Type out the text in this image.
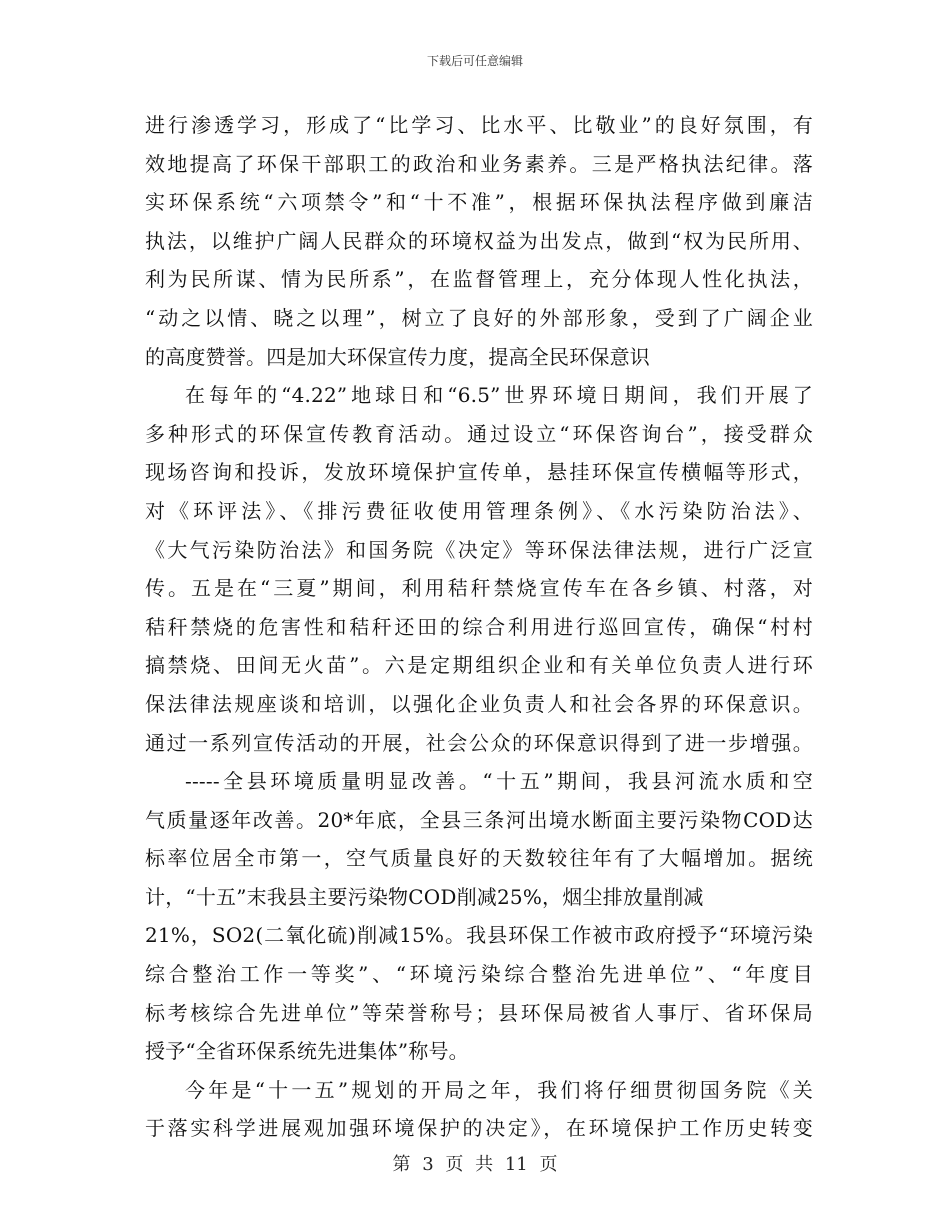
下载后可任意编辑
进行渗透学习，形成了“比学习、比水平、比敬业”的良好氛围，有
效地提高了环保干部职工的政治和业务素养。三是严格执法纪律。落
实环保系统“六项禁令”和“十不准”，根据环保执法程序做到廉洁
执法，以维护广阔人民群众的环境权益为出发点，做到“权为民所用、
利为民所谋、情为民所系”，在监督管理上，充分体现人性化执法，
“动之以情、晓之以理”，树立了良好的外部形象，受到了广阔企业
的高度赞誉。四是加大环保宣传力度，提高全民环保意识
在每年的“4.22”地球日和“6.5”世界环境日期间，我们开展了
多种形式的环保宣传教育活动。通过设立“环保咨询台”，接受群众
现场咨询和投诉，发放环境保护宣传单，悬挂环保宣传横幅等形式，
对《环评法》、《排污费征收使用管理条例》、《水污染防治法》、
《大气污染防治法》和国务院《决定》等环保法律法规，进行广泛宣
传。五是在“三夏”期间，利用秸秆禁烧宣传车在各乡镇、村落，对
秸秆禁烧的危害性和秸秆还田的综合利用进行巡回宣传，确保“村村
搞禁烧、田间无火苗”。六是定期组织企业和有关单位负责人进行环
保法律法规座谈和培训，以强化企业负责人和社会各界的环保意识。
通过一系列宣传活动的开展，社会公众的环保意识得到了进一步增强。
-----全县环境质量明显改善。“十五”期间，我县河流水质和空
气质量逐年改善。20*年底，全县三条河出境水断面主要污染物COD达
标率位居全市第一，空气质量良好的天数较往年有了大幅增加。据统
计，“十五”末我县主要污染物COD削减25%，烟尘排放量削减
21%，SO2(二氧化硫)削减15%。我县环保工作被市政府授予“环境污染
综合整治工作一等奖”、“环境污染综合整治先进单位”、“年度目
标考核综合先进单位”等荣誉称号；县环保局被省人事厅、省环保局
授予“全省环保系统先进集体”称号。
今年是“十一五”规划的开局之年，我们将仔细贯彻国务院《关
于落实科学进展观加强环境保护的决定》，在环境保护工作历史转变
第 3 页 共 11 页
